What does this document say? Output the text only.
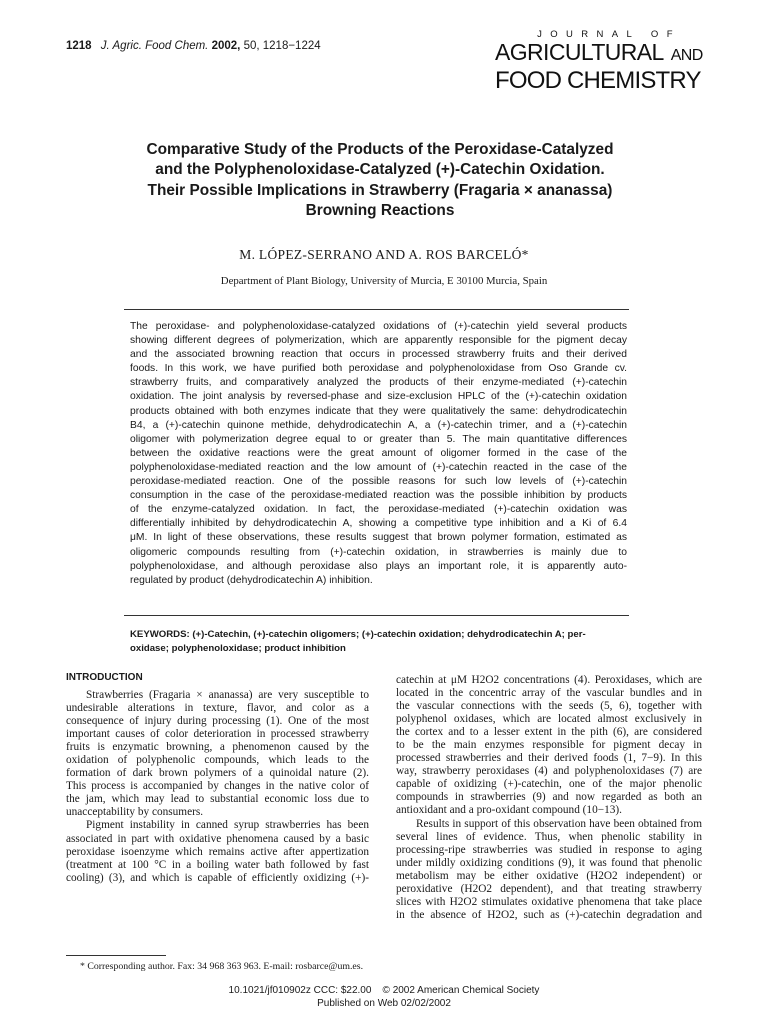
1218 J. Agric. Food Chem. 2002, 50, 1218−1224
JOURNAL OF
AGRICULTURAL AND
FOOD CHEMISTRY
Comparative Study of the Products of the Peroxidase-Catalyzed
and the Polyphenoloxidase-Catalyzed (+)-Catechin Oxidation.
Their Possible Implications in Strawberry (Fragaria × ananassa)
Browning Reactions
M. LÓPEZ-SERRANO AND A. ROS BARCELÓ*
Department of Plant Biology, University of Murcia, E 30100 Murcia, Spain
The peroxidase- and polyphenoloxidase-catalyzed oxidations of (+)-catechin yield several products
showing different degrees of polymerization, which are apparently responsible for the pigment decay
and the associated browning reaction that occurs in processed strawberry fruits and their derived
foods. In this work, we have purified both peroxidase and polyphenoloxidase from Oso Grande cv.
strawberry fruits, and comparatively analyzed the products of their enzyme-mediated (+)-catechin
oxidation. The joint analysis by reversed-phase and size-exclusion HPLC of the (+)-catechin oxidation
products obtained with both enzymes indicate that they were qualitatively the same: dehydrodicatechin
B4, a (+)-catechin quinone methide, dehydrodicatechin A, a (+)-catechin trimer, and a (+)-catechin
oligomer with polymerization degree equal to or greater than 5. The main quantitative differences
between the oxidative reactions were the great amount of oligomer formed in the case of the
polyphenoloxidase-mediated reaction and the low amount of (+)-catechin reacted in the case of the
peroxidase-mediated reaction. One of the possible reasons for such low levels of (+)-catechin
consumption in the case of the peroxidase-mediated reaction was the possible inhibition by products
of the enzyme-catalyzed oxidation. In fact, the peroxidase-mediated (+)-catechin oxidation was
differentially inhibited by dehydrodicatechin A, showing a competitive type inhibition and a Ki of 6.4
μM. In light of these observations, these results suggest that brown polymer formation, estimated as
oligomeric compounds resulting from (+)-catechin oxidation, in strawberries is mainly due to
polyphenoloxidase, and although peroxidase also plays an important role, it is apparently auto-
regulated by product (dehydrodicatechin A) inhibition.
KEYWORDS: (+)-Catechin, (+)-catechin oligomers; (+)-catechin oxidation; dehydrodicatechin A; per-
oxidase; polyphenoloxidase; product inhibition
INTRODUCTION
Strawberries (Fragaria × ananassa) are very susceptible to
undesirable alterations in texture, flavor, and color as a
consequence of injury during processing (1). One of the most
important causes of color deterioration in processed strawberry
fruits is enzymatic browning, a phenomenon caused by the
oxidation of polyphenolic compounds, which leads to the
formation of dark brown polymers of a quinoidal nature (2).
This process is accompanied by changes in the native color of
the jam, which may lead to substantial economic loss due to
unacceptability by consumers.
Pigment instability in canned syrup strawberries has been
associated in part with oxidative phenomena caused by a basic
peroxidase isoenzyme which remains active after appertization
(treatment at 100 °C in a boiling water bath followed by fast
cooling) (3), and which is capable of efficiently oxidizing (+)-
catechin at μM H2O2 concentrations (4). Peroxidases, which are
located in the concentric array of the vascular bundles and in
the vascular connections with the seeds (5, 6), together with
polyphenol oxidases, which are located almost exclusively in
the cortex and to a lesser extent in the pith (6), are considered
to be the main enzymes responsible for pigment decay in
processed strawberries and their derived foods (1, 7−9). In this
way, strawberry peroxidases (4) and polyphenoloxidases (7) are
capable of oxidizing (+)-catechin, one of the major phenolic
compounds in strawberries (9) and now regarded as both an
antioxidant and a pro-oxidant compound (10−13).
Results in support of this observation have been obtained from
several lines of evidence. Thus, when phenolic stability in
processing-ripe strawberries was studied in response to aging
under mildly oxidizing conditions (9), it was found that phenolic
metabolism may be either oxidative (H2O2 independent) or
peroxidative (H2O2 dependent), and that treating strawberry
slices with H2O2 stimulates oxidative phenomena that take place
in the absence of H2O2, such as (+)-catechin degradation and
* Corresponding author. Fax: 34 968 363 963. E-mail: rosbarce@um.es.
10.1021/jf010902z CCC: $22.00    © 2002 American Chemical Society
Published on Web 02/02/2002
